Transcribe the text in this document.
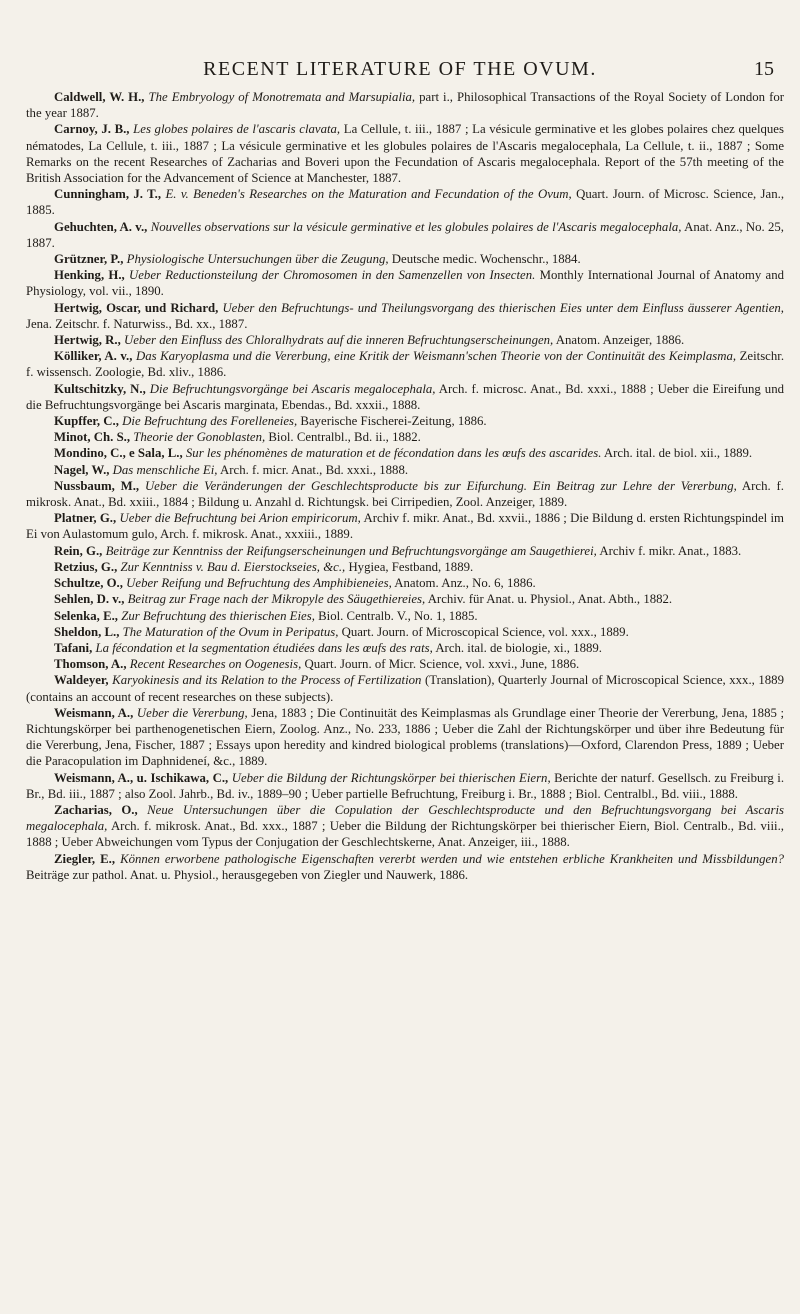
RECENT LITERATURE OF THE OVUM.	15

Caldwell, W. H., The Embryology of Monotremata and Marsupialia, part i., Philosophical Transactions of the Royal Society of London for the year 1887.

Carnoy, J. B., Les globes polaires de l'ascaris clavata, La Cellule, t. iii., 1887 ; La vésicule germinative et les globes polaires chez quelques nématodes, La Cellule, t. iii., 1887 ; La vésicule germinative et les globules polaires de l'Ascaris megalocephala, La Cellule, t. ii., 1887 ; Some Remarks on the recent Researches of Zacharias and Boveri upon the Fecundation of Ascaris megalocephala. Report of the 57th meeting of the British Association for the Advancement of Science at Manchester, 1887.

Cunningham, J. T., E. v. Beneden's Researches on the Maturation and Fecundation of the Ovum, Quart. Journ. of Microsc. Science, Jan., 1885.

Gehuchten, A. v., Nouvelles observations sur la vésicule germinative et les globules polaires de l'Ascaris megalocephala, Anat. Anz., No. 25, 1887.

Grützner, P., Physiologische Untersuchungen über die Zeugung, Deutsche medic. Wochenschr., 1884.

Henking, H., Ueber Reductionsteilung der Chromosomen in den Samenzellen von Insecten. Monthly International Journal of Anatomy and Physiology, vol. vii., 1890.

Hertwig, Oscar, und Richard, Ueber den Befruchtungs- und Theilungsvorgang des thierischen Eies unter dem Einfluss äusserer Agentien, Jena. Zeitschr. f. Naturwiss., Bd. xx., 1887.

Hertwig, R., Ueber den Einfluss des Chloralhydrats auf die inneren Befruchtungserscheinungen, Anatom. Anzeiger, 1886.

Kölliker, A. v., Das Karyoplasma und die Vererbung, eine Kritik der Weismann'schen Theorie von der Continuität des Keimplasma, Zeitschr. f. wissensch. Zoologie, Bd. xliv., 1886.

Kultschitzky, N., Die Befruchtungsvorgänge bei Ascaris megalocephala, Arch. f. microsc. Anat., Bd. xxxi., 1888 ; Ueber die Eireifung und die Befruchtungsvorgänge bei Ascaris marginata, Ebendas., Bd. xxxii., 1888.

Kupffer, C., Die Befruchtung des Forelleneies, Bayerische Fischerei-Zeitung, 1886.

Minot, Ch. S., Theorie der Gonoblasten, Biol. Centralbl., Bd. ii., 1882.

Mondino, C., e Sala, L., Sur les phénomènes de maturation et de fécondation dans les œufs des ascarides. Arch. ital. de biol. xii., 1889.

Nagel, W., Das menschliche Ei, Arch. f. micr. Anat., Bd. xxxi., 1888.

Nussbaum, M., Ueber die Veränderungen der Geschlechtsproducte bis zur Eifurchung. Ein Beitrag zur Lehre der Vererbung, Arch. f. mikrosk. Anat., Bd. xxiii., 1884 ; Bildung u. Anzahl d. Richtungsk. bei Cirripedien, Zool. Anzeiger, 1889.

Platner, G., Ueber die Befruchtung bei Arion empiricorum, Archiv f. mikr. Anat., Bd. xxvii., 1886 ; Die Bildung d. ersten Richtungspindel im Ei von Aulastomum gulo, Arch. f. mikrosk. Anat., xxxiii., 1889.

Rein, G., Beiträge zur Kenntniss der Reifungserscheinungen und Befruchtungsvorgänge am Saugethierei, Archiv f. mikr. Anat., 1883.

Retzius, G., Zur Kenntniss v. Bau d. Eierstockseies, &c., Hygiea, Festband, 1889.

Schultze, O., Ueber Reifung und Befruchtung des Amphibieneies, Anatom. Anz., No. 6, 1886.

Sehlen, D. v., Beitrag zur Frage nach der Mikropyle des Säugethiereies, Archiv. für Anat. u. Physiol., Anat. Abth., 1882.

Selenka, E., Zur Befruchtung des thierischen Eies, Biol. Centralb. V., No. 1, 1885.

Sheldon, L., The Maturation of the Ovum in Peripatus, Quart. Journ. of Microscopical Science, vol. xxx., 1889.

Tafani, La fécondation et la segmentation étudiées dans les œufs des rats, Arch. ital. de biologie, xi., 1889.

Thomson, A., Recent Researches on Oogenesis, Quart. Journ. of Micr. Science, vol. xxvi., June, 1886.

Waldeyer, Karyokinesis and its Relation to the Process of Fertilization (Translation), Quarterly Journal of Microscopical Science, xxx., 1889 (contains an account of recent researches on these subjects).

Weismann, A., Ueber die Vererbung, Jena, 1883 ; Die Continuität des Keimplasmas als Grundlage einer Theorie der Vererbung, Jena, 1885 ; Richtungskörper bei parthenogenetischen Eiern, Zoolog. Anz., No. 233, 1886 ; Ueber die Zahl der Richtungskörper und über ihre Bedeutung für die Vererbung, Jena, Fischer, 1887 ; Essays upon heredity and kindred biological problems (translations)—Oxford, Clarendon Press, 1889 ; Ueber die Paracopulation im Daphnideneí, &c., 1889.

Weismann, A., u. Ischikawa, C., Ueber die Bildung der Richtungskörper bei thierischen Eiern, Berichte der naturf. Gesellsch. zu Freiburg i. Br., Bd. iii., 1887 ; also Zool. Jahrb., Bd. iv., 1889–90 ; Ueber partielle Befruchtung, Freiburg i. Br., 1888 ; Biol. Centralbl., Bd. viii., 1888.

Zacharias, O., Neue Untersuchungen über die Copulation der Geschlechtsproducte und den Befruchtungsvorgang bei Ascaris megalocephala, Arch. f. mikrosk. Anat., Bd. xxx., 1887 ; Ueber die Bildung der Richtungskörper bei thierischer Eiern, Biol. Centralb., Bd. viii., 1888 ; Ueber Abweichungen vom Typus der Conjugation der Geschlechtskerne, Anat. Anzeiger, iii., 1888.

Ziegler, E., Können erworbene pathologische Eigenschaften vererbt werden und wie entstehen erbliche Krankheiten und Missbildungen? Beiträge zur pathol. Anat. u. Physiol., herausgegeben von Ziegler und Nauwerk, 1886.
